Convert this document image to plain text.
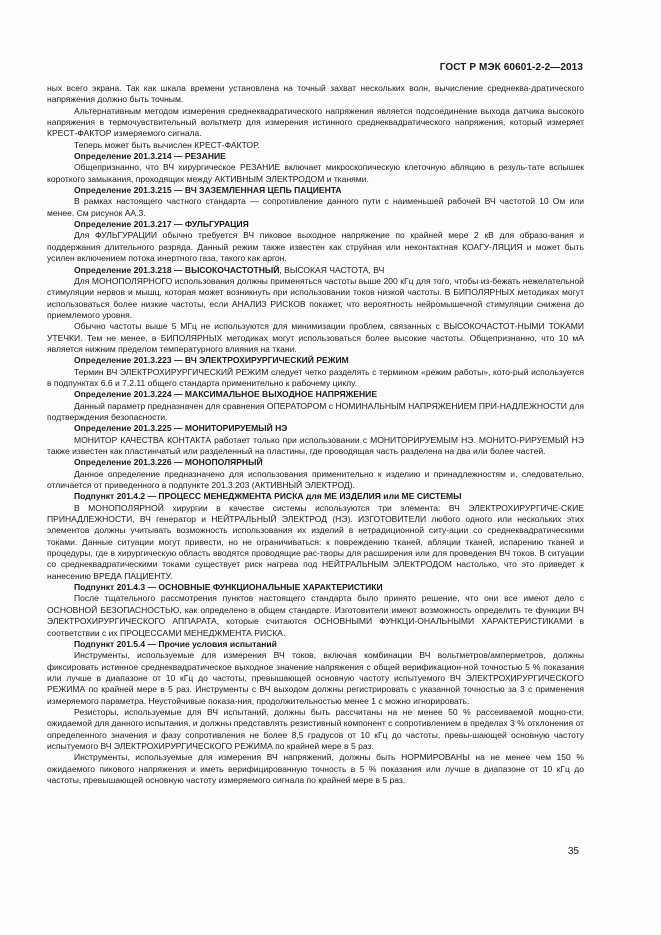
ГОСТ Р МЭК 60601-2-2—2013

ных всего экрана. Так как шкала времени установлена на точный захват нескольких волн, вычисление среднеква-дратического напряжения должно быть точным.

Альтернативным методом измерения среднеквадратического напряжения является подсоединение выхода датчика высокого напряжения в термочувствительный вольтметр для измерения истинного среднеквадратического напряжения, который измеряет КРЕСТ-ФАКТОР измеряемого сигнала.

Теперь может быть вычислен КРЕСТ-ФАКТОР.

Определение 201.3.214 — РЕЗАНИЕ

Общепризнанно, что ВЧ хирургическое РЕЗАНИЕ включает микроскопическую клеточную абляцию в резуль-тате вспышек короткого замыкания, проходящих между АКТИВНЫМ ЭЛЕКТРОДОМ и тканями.

Определение 201.3.215 — ВЧ ЗАЗЕМЛЕННАЯ ЦЕПЬ ПАЦИЕНТА

В рамках настоящего частного стандарта — сопротивление данного пути с наименьшей рабочей ВЧ частотой 10 Ом или менее. См рисунок АА.3.

Определение 201.3.217 — ФУЛЬГУРАЦИЯ

Для ФУЛЬГУРАЦИИ обычно требуется ВЧ пиковое выходное напряжение по крайней мере 2 кВ для образо-вания и поддержания длительного разряда. Данный режим также известен как струйная или неконтактная КОАГУ-ЛЯЦИЯ и может быть усилен включением потока инертного газа, такого как аргон.

Определение 201.3.218 — ВЫСОКОЧАСТОТНЫЙ, ВЫСОКАЯ ЧАСТОТА, ВЧ

Для МОНОПОЛЯРНОГО использования должны применяться частоты выше 200 кГц для того, чтобы из-бежать нежелательной стимуляции нервов и мышц, которая может возникнуть при использовании токов низкой частоты. В БИПОЛЯРНЫХ методиках могут использоваться более низкие частоты, если АНАЛИЗ РИСКОВ покажет, что вероятность нейромышечной стимуляции снижена до приемлемого уровня.

Обычно частоты выше 5 МГц не используются для минимизации проблем, связанных с ВЫСОКОЧАСТОТ-НЫМИ ТОКАМИ УТЕЧКИ. Тем не менее, в БИПОЛЯРНЫХ методиках могут использоваться более высокие частоты. Общепризнанно, что 10 мА является нижним пределом температурного влияния на ткани.

Определение 201.3.223 — ВЧ ЭЛЕКТРОХИРУРГИЧЕСКИЙ РЕЖИМ

Термин ВЧ ЭЛЕКТРОХИРУРГИЧЕСКИЙ РЕЖИМ следует четко разделять с термином «режим работы», кото-рый используется в подпунктах 6.6 и 7.2.11 общего стандарта применительно к рабочему циклу.

Определение 201.3.224 — МАКСИМАЛЬНОЕ ВЫХОДНОЕ НАПРЯЖЕНИЕ

Данный параметр предназначен для сравнения ОПЕРАТОРОМ с НОМИНАЛЬНЫМ НАПРЯЖЕНИЕМ ПРИ-НАДЛЕЖНОСТИ для подтверждения безопасности.

Определение 201.3.225 — МОНИТОРИРУЕМЫЙ НЭ

МОНИТОР КАЧЕСТВА КОНТАКТА работает только при использовании с МОНИТОРИРУЕМЫМ НЭ. МОНИТО-РИРУЕМЫЙ НЭ также известен как пластинчатый или разделенный на пластины, где проводящая часть разделена на два или более частей.

Определение 201.3.226 — МОНОПОЛЯРНЫЙ

Данное определение предназначено для использования применительно к изделию и принадлежностям и, следовательно, отличается от приведенного в подпункте 201.3.203 (АКТИВНЫЙ ЭЛЕКТРОД).

Подпункт 201.4.2 — ПРОЦЕСС МЕНЕДЖМЕНТА РИСКА для МЕ ИЗДЕЛИЯ или МЕ СИСТЕМЫ

В МОНОПОЛЯРНОЙ хирургии в качестве системы используются три элемента: ВЧ ЭЛЕКТРОХИРУРГИЧЕ-СКИЕ ПРИНАДЛЕЖНОСТИ, ВЧ генератор и НЕЙТРАЛЬНЫЙ ЭЛЕКТРОД (НЭ). ИЗГОТОВИТЕЛИ любого одного или нескольких этих элементов должны учитывать возможность использования их изделий в нетрадиционной ситу-ации со среднеквадратическими токами. Данные ситуации могут привести, но не ограничиваться: к повреждению тканей, абляции тканей, испарению тканей и процедуры, где в хирургическую область вводятся проводящие рас-творы для расширения или для проведения ВЧ токов. В ситуации со среднеквадратическими токами существует риск нагрева под НЕЙТРАЛЬНЫМ ЭЛЕКТРОДОМ настолько, что это приведет к нанесению ВРЕДА ПАЦИЕНТУ.

Подпункт 201.4.3 — ОСНОВНЫЕ ФУНКЦИОНАЛЬНЫЕ ХАРАКТЕРИСТИКИ

После тщательного рассмотрения пунктов настоящего стандарта было принято решение, что они все имеют дело с ОСНОВНОЙ БЕЗОПАСНОСТЬЮ, как определено в общем стандарте. Изготовители имеют возможность определить те функции ВЧ ЭЛЕКТРОХИРУРГИЧЕСКОГО АППАРАТА, которые считаются ОСНОВНЫМИ ФУНКЦИ-ОНАЛЬНЫМИ ХАРАКТЕРИСТИКАМИ в соответствии с их ПРОЦЕССАМИ МЕНЕДЖМЕНТА РИСКА.

Подпункт 201.5.4 — Прочие условия испытаний

Инструменты, используемые для измерения ВЧ токов, включая комбинации ВЧ вольтметров/амперметров, должны фиксировать истинное среднеквадратическое выходное значение напряжения с общей верификацион-ной точностью 5 % показания или лучше в диапазоне от 10 кГц до частоты, превышающей основную частоту испытуемого ВЧ ЭЛЕКТРОХИРУРГИЧЕСКОГО РЕЖИМА по крайней мере в 5 раз. Инструменты с ВЧ выходом должны регистрировать с указанной точностью за 3 с применения измеряемого параметра. Неустойчивые показа-ния, продолжительностью менее 1 с можно игнорировать.

Резисторы, используемые для ВЧ испытаний, должны быть рассчитаны на не менее 50 % рассеиваемой мощно-сти, ожидаемой для данного испытания, и должны представлять резистивный компонент с сопротивлением в пределах 3 % отклонения от определенного значения и фазу сопротивления не более 8,5 градусов от 10 кГц до частоты, превы-шающей основную частоту испытуемого ВЧ ЭЛЕКТРОХИРУРГИЧЕСКОГО РЕЖИМА по крайней мере в 5 раз.

Инструменты, используемые для измерения ВЧ напряжений, должны быть НОРМИРОВАНЫ на не менее чем 150 % ожидаемого пикового напряжения и иметь верифицированную точность в 5 % показания или лучше в диапазоне от 10 кГц до частоты, превышающей основную частоту измеряемого сигнала по крайней мере в 5 раз.

35
